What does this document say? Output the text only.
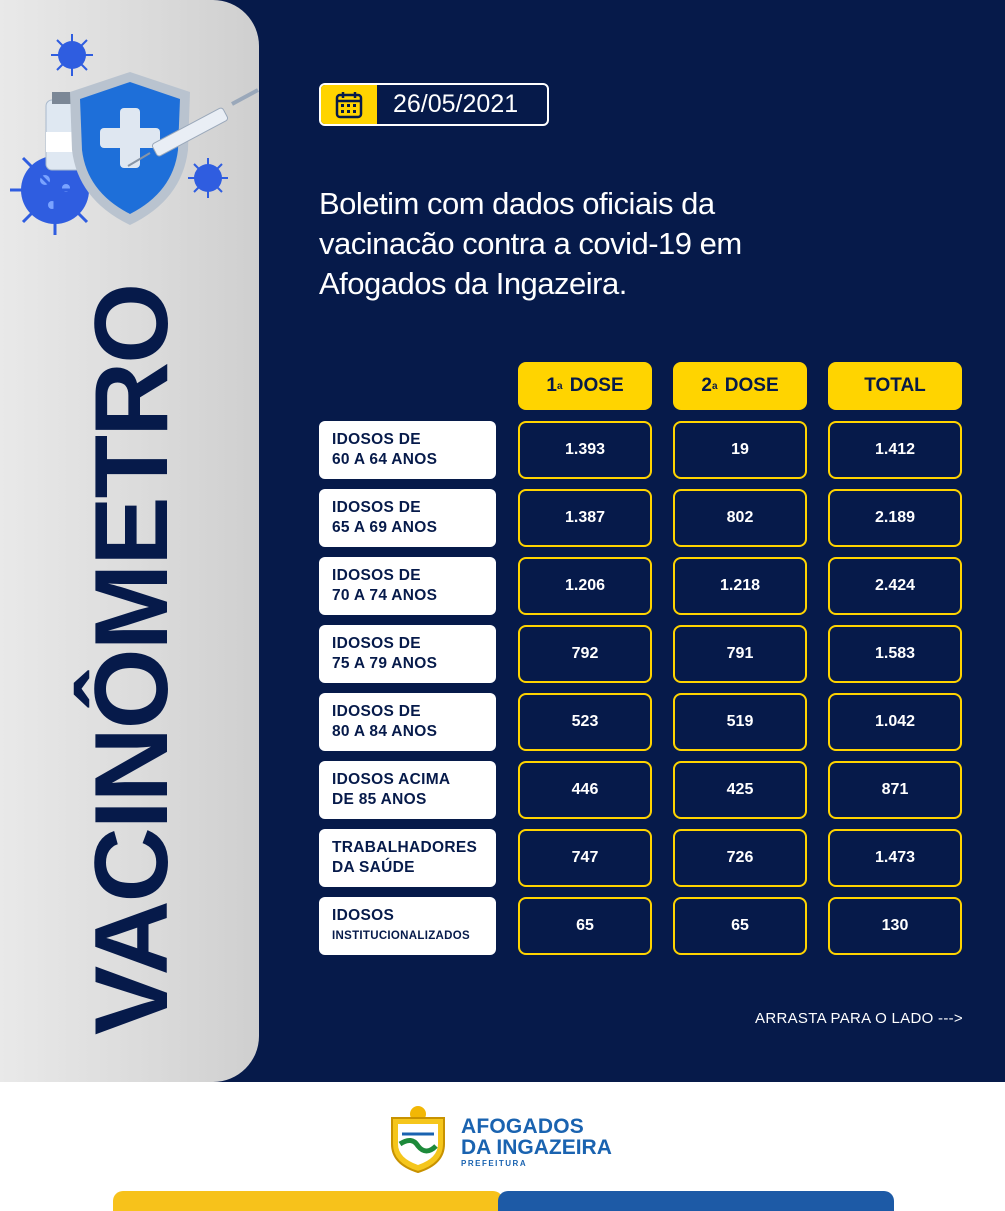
VACINÔMETRO
26/05/2021
Boletim com dados oficiais da
vacinacão contra a covid-19 em
Afogados da Ingazeira.
1 a
DOSE	2 a
DOSE	TOTAL
IDOSOS DE
60 A 64 ANOS
1.393	19	1.412
IDOSOS DE
65 A 69 ANOS
1.387	802	2.189
IDOSOS DE
70 A 74 ANOS
1.206	1.218	2.424
IDOSOS DE
75 A 79 ANOS
792	791	1.583
IDOSOS DE
80 A 84 ANOS
523	519	1.042
IDOSOS ACIMA
DE 85 ANOS
446	425	871
TRABALHADORES
DA SAÚDE
747	726	1.473
IDOSOS
INSTITUCIONALIZADOS
65	65	130
ARRASTA PARA O LADO --->
AFOGADOS
DA INGAZEIRA
PREFEITURA
